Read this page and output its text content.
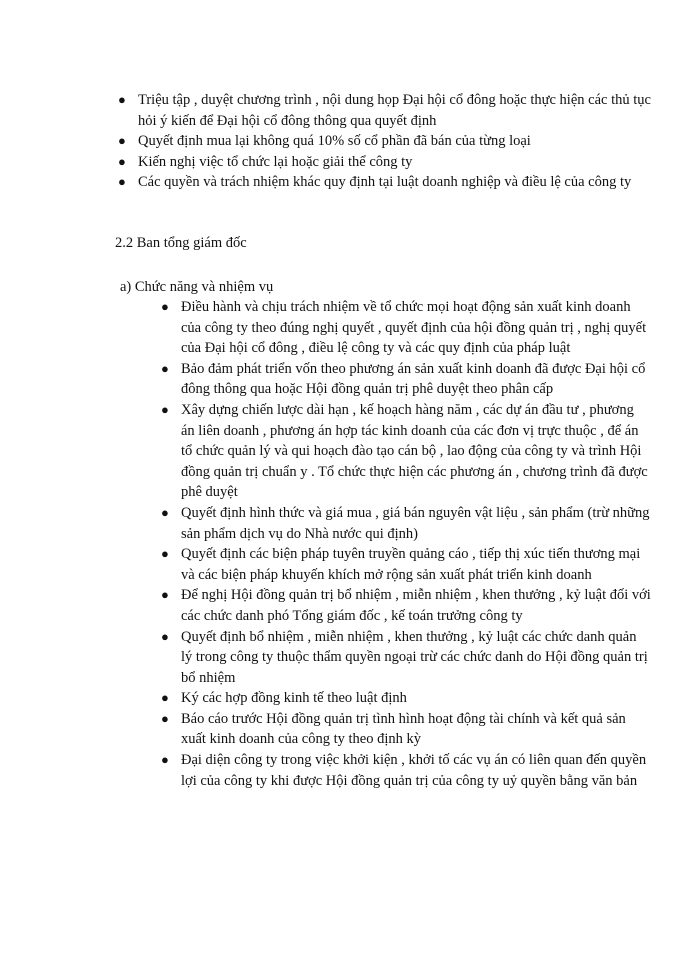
● Triệu tập , duyệt chương trình , nội dung họp Đại hội cổ đông hoặc thực hiện các thủ tục hỏi ý kiến để Đại hội cổ đông thông qua quyết định
● Quyết định mua lại không quá 10% số cổ phần đã bán của từng loại
● Kiến nghị việc tổ chức lại hoặc giải thể công ty
● Các quyền và trách nhiệm khác quy định tại luật doanh nghiệp và điều lệ của công ty
2.2 Ban tổng giám đốc
a) Chức năng và nhiệm vụ
● Điều hành và chịu trách nhiệm về tổ chức mọi hoạt động sản xuất kinh doanh của công ty theo đúng nghị quyết , quyết định của hội đồng quản trị , nghị quyết của Đại hội cổ đông , điều lệ công ty và các quy định của pháp luật
● Bảo đảm phát triển vốn theo phương án sản xuất kinh doanh đã được Đại hội cổ đông thông qua hoặc Hội đồng quản trị phê duyệt theo phân cấp
● Xây dựng chiến lược dài hạn , kế hoạch hàng năm , các dự án đầu tư , phương án liên doanh , phương án hợp tác kinh doanh của các đơn vị trực thuộc , để án tổ chức quản lý và qui hoạch đào tạo cán bộ , lao động của công ty và trình Hội đồng quản trị chuẩn y . Tổ chức thực hiện các phương án , chương trình đã được phê duyệt
● Quyết định hình thức và giá mua , giá bán nguyên vật liệu , sản phẩm (trừ những sản phẩm dịch vụ do Nhà nước qui định)
● Quyết định các biện pháp tuyên truyền quảng cáo , tiếp thị xúc tiến thương mại và các biện pháp khuyến khích mở rộng sản xuất phát triển kinh doanh
● Để nghị Hội đồng quản trị bổ nhiệm , miễn nhiệm , khen thưởng , kỷ luật đối với các chức danh phó Tổng giám đốc , kế toán trưởng công ty
● Quyết định bổ nhiệm , miễn nhiệm , khen thưởng , kỷ luật các chức danh quản lý trong công ty thuộc thẩm quyền ngoại trừ các chức danh do Hội đồng quản trị bổ nhiệm
● Ký các hợp đồng kinh tế theo luật định
● Báo cáo trước Hội đồng quản trị tình hình hoạt động tài chính và kết quả sản xuất kinh doanh của công ty theo định kỳ
● Đại diện công ty trong việc khởi kiện , khởi tố các vụ án có liên quan đến quyền lợi của công ty khi được Hội đồng quản trị của công ty uỷ quyền bằng văn bản
